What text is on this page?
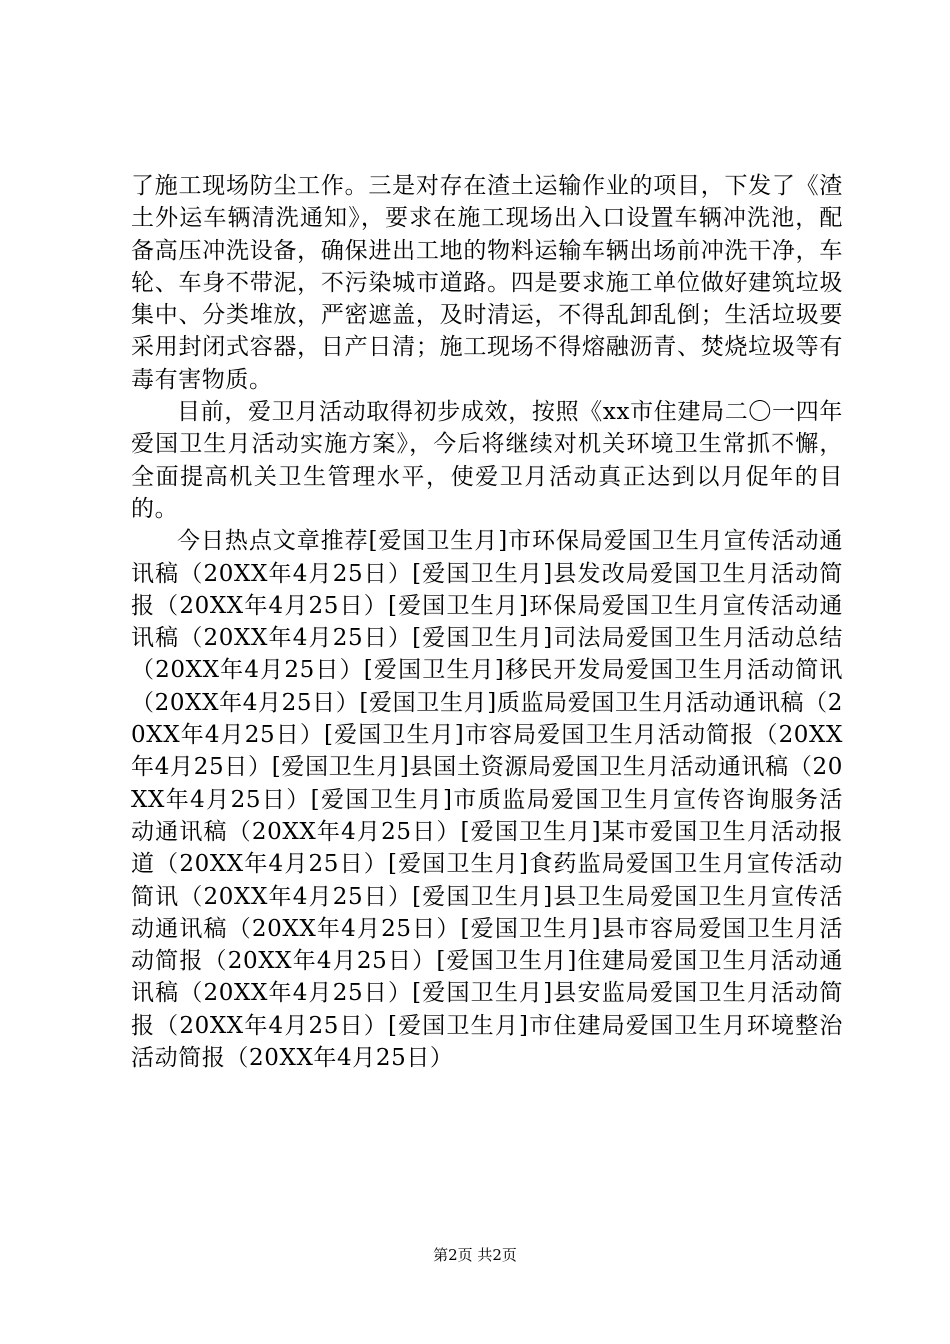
了施工现场防尘工作。三是对存在渣土运输作业的项目，下发了《渣土外运车辆清洗通知》，要求在施工现场出入口设置车辆冲洗池，配备高压冲洗设备，确保进出工地的物料运输车辆出场前冲洗干净，车轮、车身不带泥，不污染城市道路。四是要求施工单位做好建筑垃圾集中、分类堆放，严密遮盖，及时清运，不得乱卸乱倒；生活垃圾要采用封闭式容器，日产日清；施工现场不得熔融沥青、焚烧垃圾等有毒有害物质。

目前，爱卫月活动取得初步成效，按照《xx市住建局二〇一四年爱国卫生月活动实施方案》，今后将继续对机关环境卫生常抓不懈，全面提高机关卫生管理水平，使爱卫月活动真正达到以月促年的目的。

今日热点文章推荐[爱国卫生月]市环保局爱国卫生月宣传活动通讯稿（20XX年4月25日）[爱国卫生月]县发改局爱国卫生月活动简报（20XX年4月25日）[爱国卫生月]环保局爱国卫生月宣传活动通讯稿（20XX年4月25日）[爱国卫生月]司法局爱国卫生月活动总结（20XX年4月25日）[爱国卫生月]移民开发局爱国卫生月活动简讯（20XX年4月25日）[爱国卫生月]质监局爱国卫生月活动通讯稿（20XX年4月25日）[爱国卫生月]市容局爱国卫生月活动简报（20XX年4月25日）[爱国卫生月]县国土资源局爱国卫生月活动通讯稿（20XX年4月25日）[爱国卫生月]市质监局爱国卫生月宣传咨询服务活动通讯稿（20XX年4月25日）[爱国卫生月]某市爱国卫生月活动报道（20XX年4月25日）[爱国卫生月]食药监局爱国卫生月宣传活动简讯（20XX年4月25日）[爱国卫生月]县卫生局爱国卫生月宣传活动通讯稿（20XX年4月25日）[爱国卫生月]县市容局爱国卫生月活动简报（20XX年4月25日）[爱国卫生月]住建局爱国卫生月活动通讯稿（20XX年4月25日）[爱国卫生月]县安监局爱国卫生月活动简报（20XX年4月25日）[爱国卫生月]市住建局爱国卫生月环境整治活动简报（20XX年4月25日）

第2页 共2页
